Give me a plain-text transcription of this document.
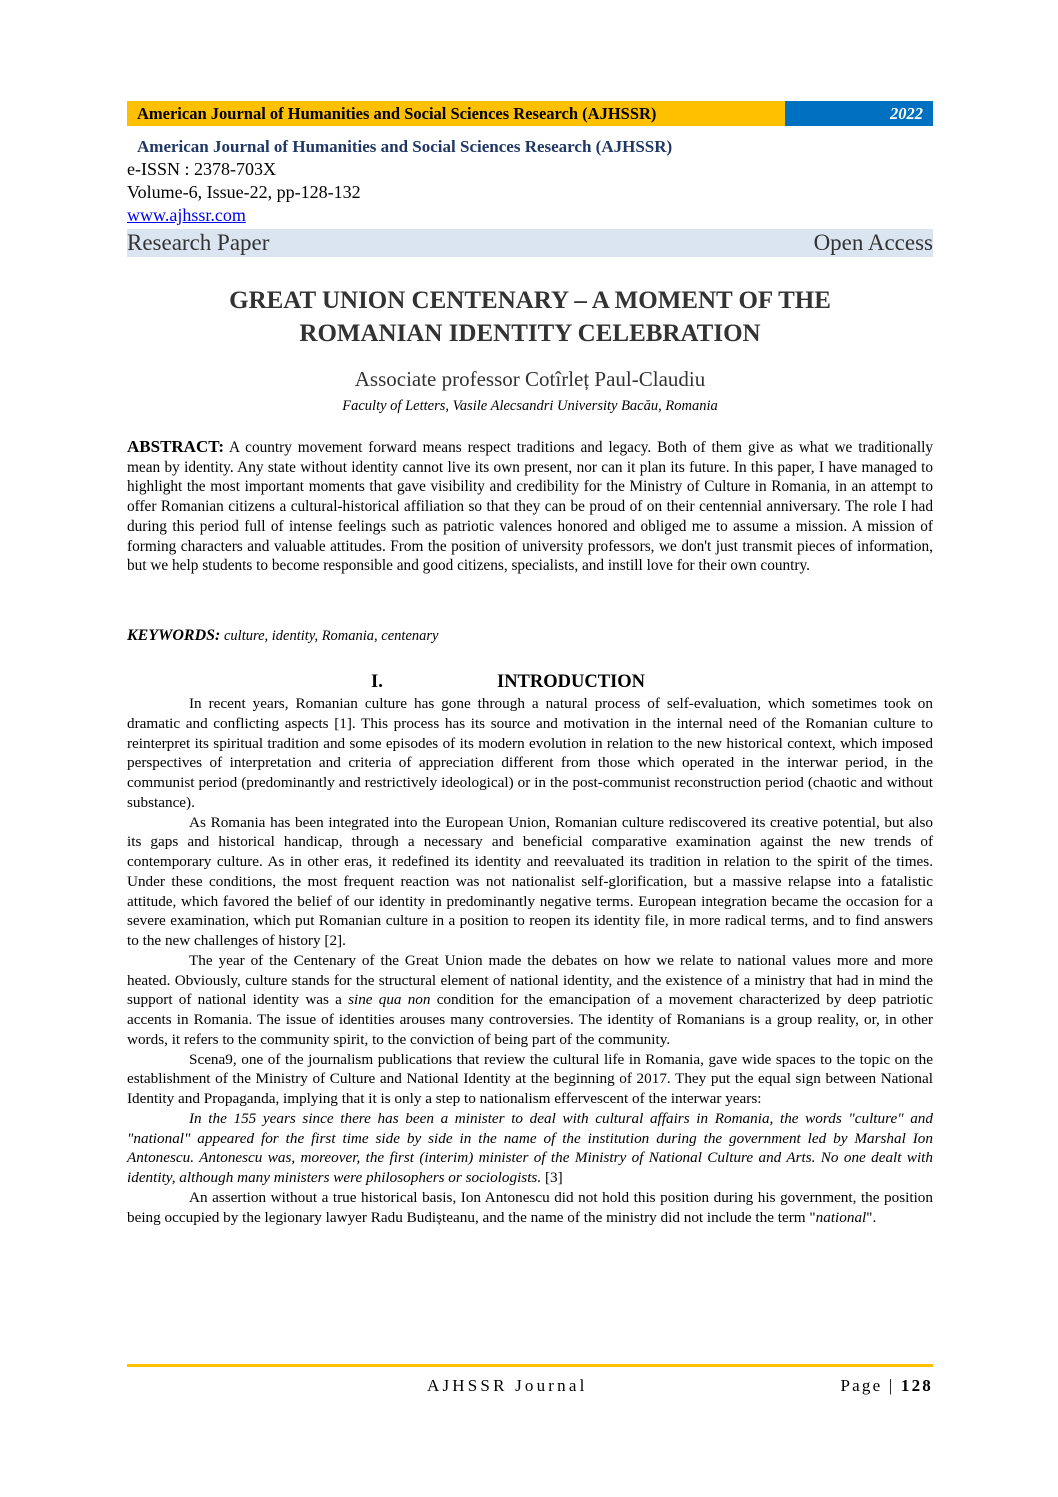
American Journal of Humanities and Social Sciences Research (AJHSSR)	2022
American Journal of Humanities and Social Sciences Research (AJHSSR)
e-ISSN : 2378-703X
Volume-6, Issue-22, pp-128-132
www.ajhssr.com
Research Paper	Open Access
GREAT UNION CENTENARY – A MOMENT OF THE
ROMANIAN IDENTITY CELEBRATION
Associate professor Cotîrleț Paul-Claudiu
Faculty of Letters, Vasile Alecsandri University Bacău, Romania
ABSTRACT: A country movement forward means respect traditions and legacy. Both of them give as what we traditionally mean by identity. Any state without identity cannot live its own present, nor can it plan its future. In this paper, I have managed to highlight the most important moments that gave visibility and credibility for the Ministry of Culture in Romania, in an attempt to offer Romanian citizens a cultural-historical affiliation so that they can be proud of on their centennial anniversary. The role I had during this period full of intense feelings such as patriotic valences honored and obliged me to assume a mission. A mission of forming characters and valuable attitudes. From the position of university professors, we don't just transmit pieces of information, but we help students to become responsible and good citizens, specialists, and instill love for their own country.
KEYWORDS: culture, identity, Romania, centenary
I.	INTRODUCTION

In recent years, Romanian culture has gone through a natural process of self-evaluation, which sometimes took on dramatic and conflicting aspects [1]. This process has its source and motivation in the internal need of the Romanian culture to reinterpret its spiritual tradition and some episodes of its modern evolution in relation to the new historical context, which imposed perspectives of interpretation and criteria of appreciation different from those which operated in the interwar period, in the communist period (predominantly and restrictively ideological) or in the post-communist reconstruction period (chaotic and without substance).

As Romania has been integrated into the European Union, Romanian culture rediscovered its creative potential, but also its gaps and historical handicap, through a necessary and beneficial comparative examination against the new trends of contemporary culture. As in other eras, it redefined its identity and reevaluated its tradition in relation to the spirit of the times. Under these conditions, the most frequent reaction was not nationalist self-glorification, but a massive relapse into a fatalistic attitude, which favored the belief of our identity in predominantly negative terms. European integration became the occasion for a severe examination, which put Romanian culture in a position to reopen its identity file, in more radical terms, and to find answers to the new challenges of history [2].

The year of the Centenary of the Great Union made the debates on how we relate to national values more and more heated. Obviously, culture stands for the structural element of national identity, and the existence of a ministry that had in mind the support of national identity was a sine qua non condition for the emancipation of a movement characterized by deep patriotic accents in Romania. The issue of identities arouses many controversies. The identity of Romanians is a group reality, or, in other words, it refers to the community spirit, to the conviction of being part of the community.

Scena9, one of the journalism publications that review the cultural life in Romania, gave wide spaces to the topic on the establishment of the Ministry of Culture and National Identity at the beginning of 2017. They put the equal sign between National Identity and Propaganda, implying that it is only a step to nationalism effervescent of the interwar years:

In the 155 years since there has been a minister to deal with cultural affairs in Romania, the words "culture" and "national" appeared for the first time side by side in the name of the institution during the government led by Marshal Ion Antonescu. Antonescu was, moreover, the first (interim) minister of the Ministry of National Culture and Arts. No one dealt with identity, although many ministers were philosophers or sociologists. [3]

An assertion without a true historical basis, Ion Antonescu did not hold this position during his government, the position being occupied by the legionary lawyer Radu Budișteanu, and the name of the ministry did not include the term "national".

AJHSSR Journal	Page | 128
